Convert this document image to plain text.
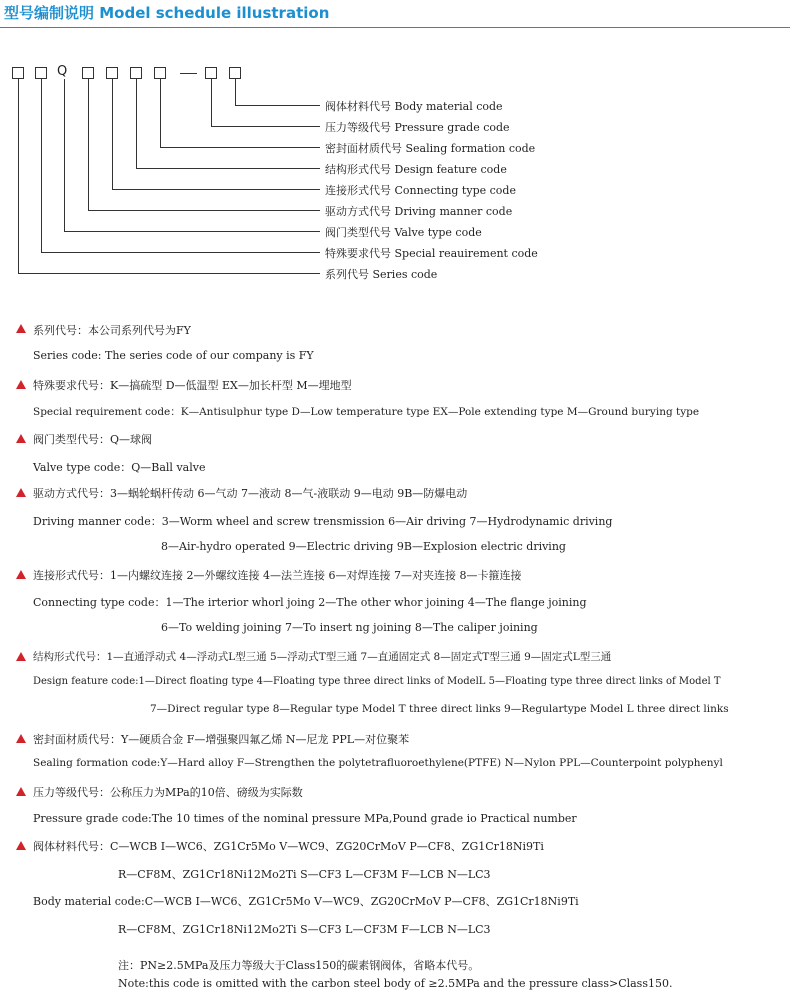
型号编制说明 Model schedule illustration
Q
阀体材料代号 Body material code
压力等级代号 Pressure grade code
密封面材质代号 Sealing formation code
结构形式代号 Design feature code
连接形式代号 Connecting type code
驱动方式代号 Driving manner code
阀门类型代号 Valve type code
特殊要求代号 Special reauirement code
系列代号 Series code
系列代号：本公司系列代号为FY
Series code: The series code of our company is FY
特殊要求代号：K—搞硫型 D—低温型 EX—加长杆型 M—埋地型
Special requirement code：K—Antisulphur type D—Low temperature type EX—Pole extending type M—Ground burying type
阀门类型代号：Q—球阀
Valve type code：Q—Ball valve
驱动方式代号：3—蜗轮蜗杆传动 6—气动 7—液动 8—气-液联动 9—电动 9B—防爆电动
Driving manner code：3—Worm wheel and screw trensmission 6—Air driving 7—Hydrodynamic driving
8—Air-hydro operated 9—Electric driving 9B—Explosion electric driving
连接形式代号：1—内螺纹连接 2—外螺纹连接 4—法兰连接 6—对焊连接 7—对夹连接 8—卡箍连接
Connecting type code：1—The irterior whorl joing 2—The other whor joining 4—The flange joining
6—To welding joining 7—To insert ng joining 8—The caliper joining
结构形式代号：1—直通浮动式 4—浮动式L型三通 5—浮动式T型三通 7—直通固定式 8—固定式T型三通 9—固定式L型三通
Design feature code:1—Direct floating type 4—Floating type three direct links of ModelL 5—Floating type three direct links of Model T
7—Direct regular type 8—Regular type Model T three direct links 9—Regulartype Model L three direct links
密封面材质代号：Y—硬质合金 F—增强聚四氟乙烯 N—尼龙 PPL—对位聚苯
Sealing formation code:Y—Hard alloy F—Strengthen the polytetrafluoroethylene(PTFE) N—Nylon PPL—Counterpoint polyphenyl
压力等级代号：公称压力为MPa的10倍、磅级为实际数
Pressure grade code:The 10 times of the nominal pressure MPa,Pound grade io Practical number
阀体材料代号：C—WCB I—WC6、ZG1Cr5Mo V—WC9、ZG20CrMoV P—CF8、ZG1Cr18Ni9Ti
R—CF8M、ZG1Cr18Ni12Mo2Ti S—CF3 L—CF3M F—LCB N—LC3
Body material code:C—WCB I—WC6、ZG1Cr5Mo V—WC9、ZG20CrMoV P—CF8、ZG1Cr18Ni9Ti
R—CF8M、ZG1Cr18Ni12Mo2Ti S—CF3 L—CF3M F—LCB N—LC3
注：PN≥2.5MPa及压力等级大于Class150的碳素钢阀体，省略本代号。
Note:this code is omitted with the carbon steel body of ≥2.5MPa and the pressure class>Class150.
